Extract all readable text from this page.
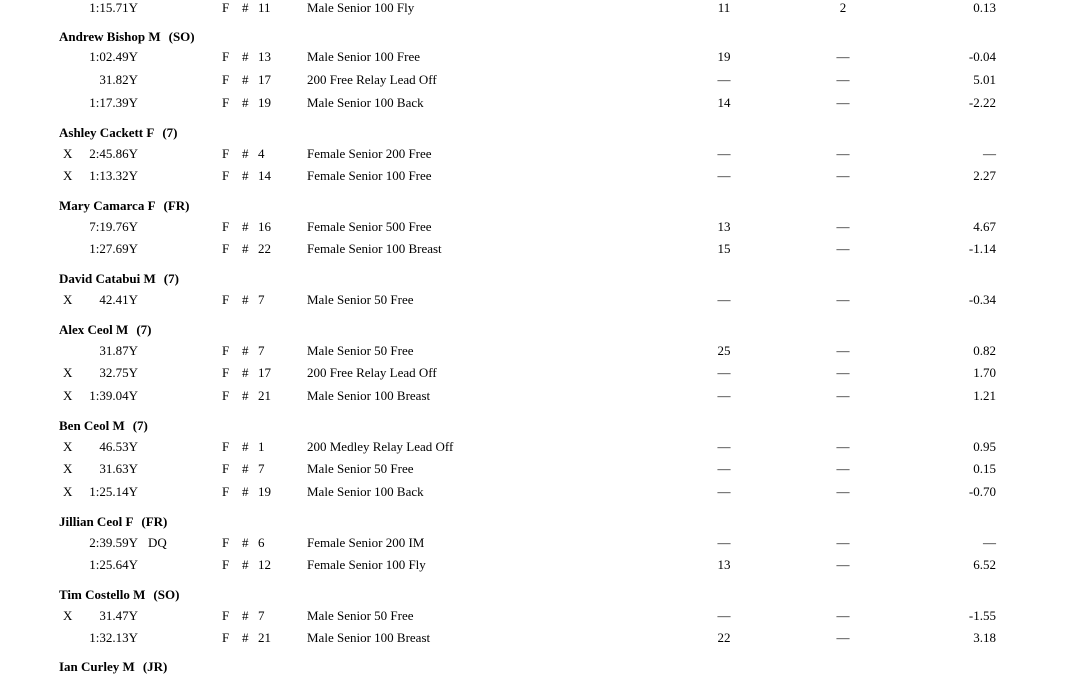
1:15.71Y	F # 11	Male Senior 100 Fly	11	2	0.13
Andrew Bishop M (SO)
1:02.49Y	F # 13	Male Senior 100 Free	19	—	-0.04
31.82Y	F # 17	200 Free Relay Lead Off	—	—	5.01
1:17.39Y	F # 19	Male Senior 100 Back	14	—	-2.22
Ashley Cackett F (7)
X	2:45.86Y	F # 4	Female Senior 200 Free	—	—	—
X	1:13.32Y	F # 14	Female Senior 100 Free	—	—	2.27
Mary Camarca F (FR)
7:19.76Y	F # 16	Female Senior 500 Free	13	—	4.67
1:27.69Y	F # 22	Female Senior 100 Breast	15	—	-1.14
David Catabui M (7)
X	42.41Y	F # 7	Male Senior 50 Free	—	—	-0.34
Alex Ceol M (7)
31.87Y	F # 7	Male Senior 50 Free	25	—	0.82
X	32.75Y	F # 17	200 Free Relay Lead Off	—	—	1.70
X	1:39.04Y	F # 21	Male Senior 100 Breast	—	—	1.21
Ben Ceol M (7)
X	46.53Y	F # 1	200 Medley Relay Lead Off	—	—	0.95
X	31.63Y	F # 7	Male Senior 50 Free	—	—	0.15
X	1:25.14Y	F # 19	Male Senior 100 Back	—	—	-0.70
Jillian Ceol F (FR)
2:39.59Y DQ	F # 6	Female Senior 200 IM	—	—	—
1:25.64Y	F # 12	Female Senior 100 Fly	13	—	6.52
Tim Costello M (SO)
X	31.47Y	F # 7	Male Senior 50 Free	—	—	-1.55
1:32.13Y	F # 21	Male Senior 100 Breast	22	—	3.18
Ian Curley M (JR)
